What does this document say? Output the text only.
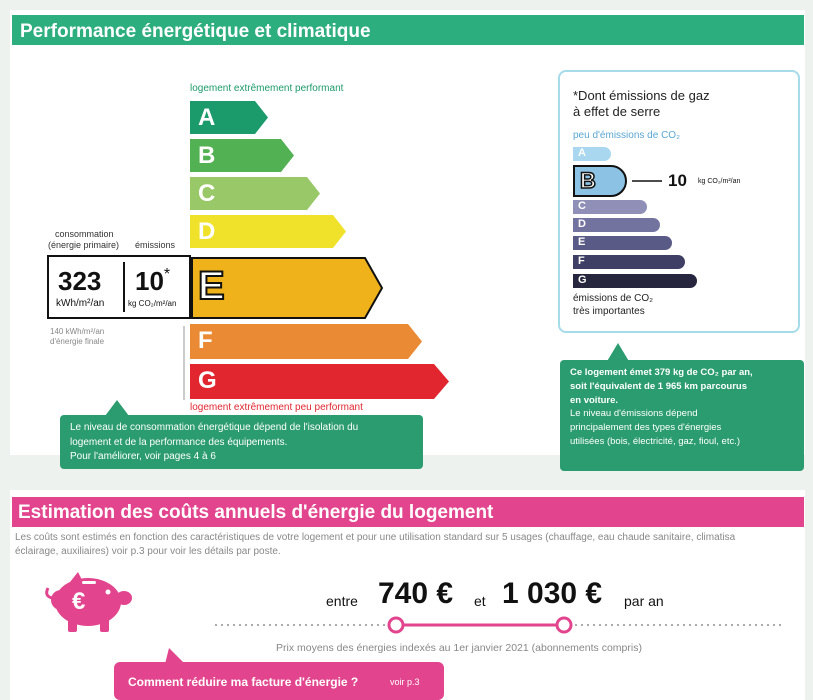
Performance énergétique et climatique
logement extrêmement performant
A
B
C
D
E
F
G
consommation
(énergie primaire) émissions
323
kWh/m²/an
10*
kg CO₂/m²/an
140 kWh/m²/an
d'énergie finale
logement extrêmement peu performant
Le niveau de consommation énergétique dépend de l'isolation du
logement et de la performance des équipements.
Pour l'améliorer, voir pages 4 à 6
*Dont émissions de gaz
à effet de serre
peu d'émissions de CO₂
A
B
C
D
E
F
G
10 kg CO₂/m²/an
émissions de CO₂
très importantes
Ce logement émet 379 kg de CO₂ par an,
soit l'équivalent de 1 965 km parcourus
en voiture.
Le niveau d'émissions dépend
principalement des types d'énergies
utilisées (bois, électricité, gaz, fioul, etc.)
Estimation des coûts annuels d'énergie du logement
Les coûts sont estimés en fonction des caractéristiques de votre logement et pour une utilisation standard sur 5 usages (chauffage, eau chaude sanitaire, climatisa
éclairage, auxiliaires) voir p.3 pour voir les détails par poste.
€	entre 740 € et 1 030 € par an
Prix moyens des énergies indexés au 1er janvier 2021 (abonnements compris)
Comment réduire ma facture d'énergie ?	voir p.3
